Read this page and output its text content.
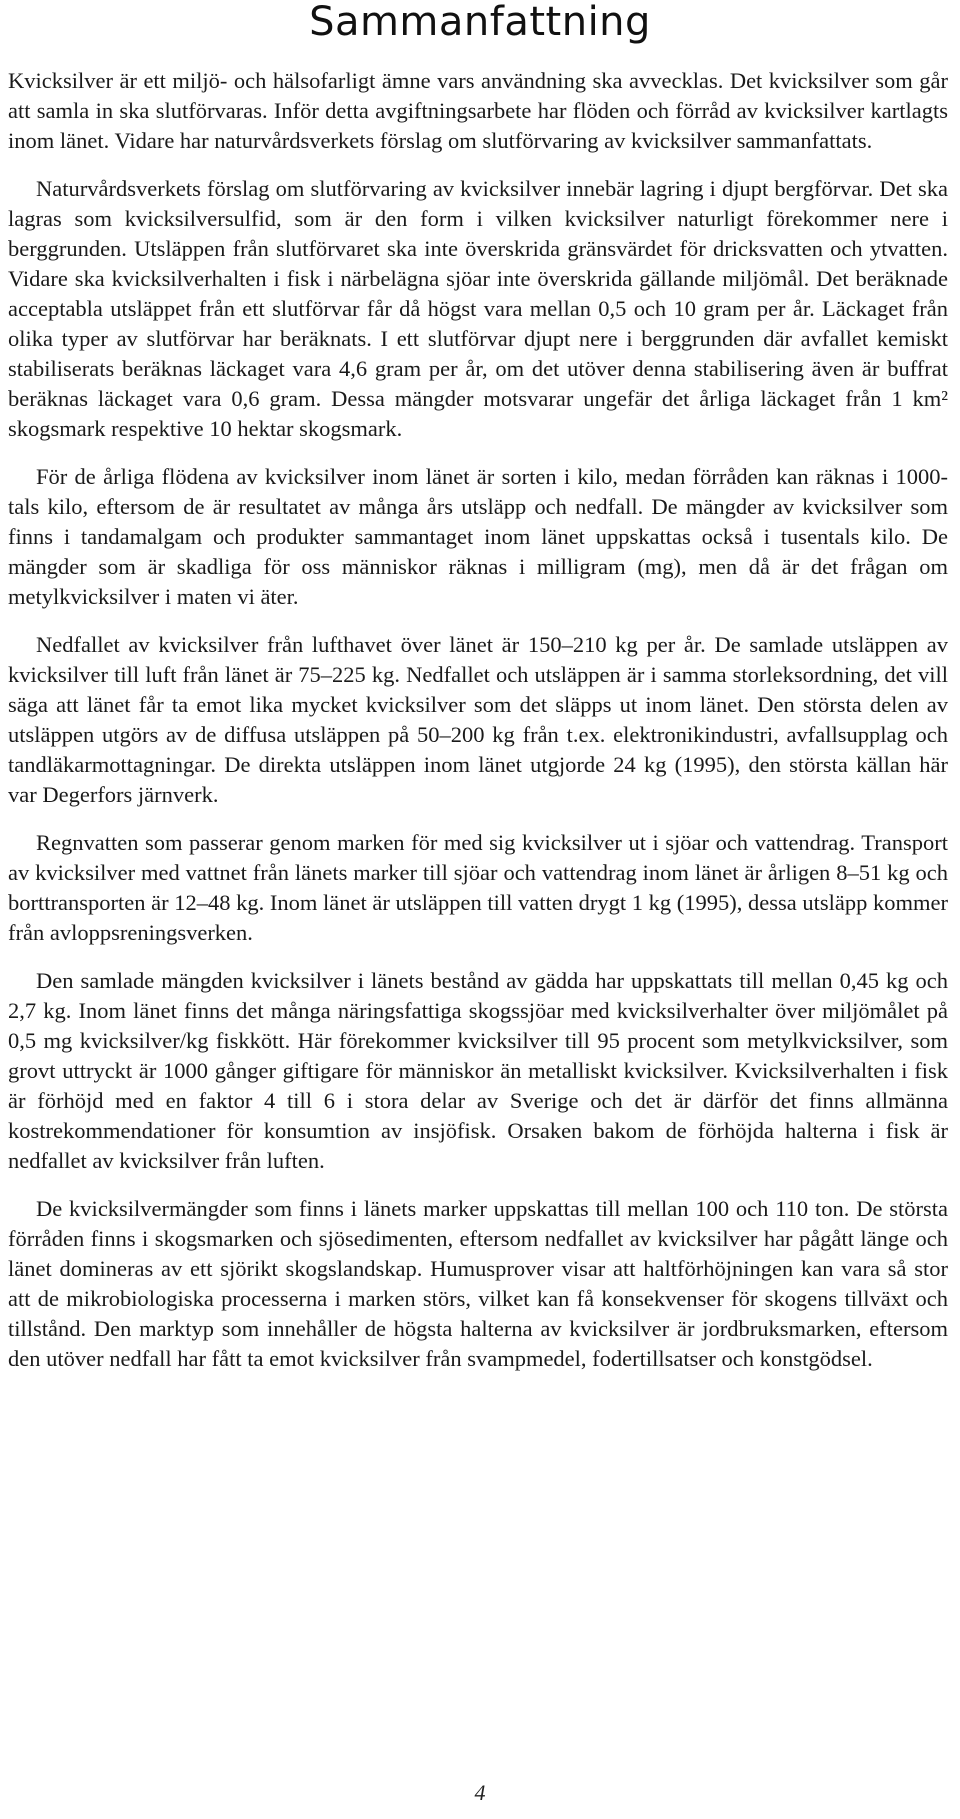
Sammanfattning

Kvicksilver är ett miljö- och hälsofarligt ämne vars användning ska avvecklas. Det kvicksilver som går att samla in ska slutförvaras. Inför detta avgiftningsarbete har flöden och förråd av kvicksilver kartlagts inom länet. Vidare har naturvårdsverkets förslag om slutförvaring av kvicksilver sammanfattats.

Naturvårdsverkets förslag om slutförvaring av kvicksilver innebär lagring i djupt bergförvar. Det ska lagras som kvicksilversulfid, som är den form i vilken kvicksilver naturligt förekommer nere i berggrunden. Utsläppen från slutförvaret ska inte överskrida gränsvärdet för dricksvatten och ytvatten. Vidare ska kvicksilverhalten i fisk i närbelägna sjöar inte överskrida gällande miljömål. Det beräknade acceptabla utsläppet från ett slutförvar får då högst vara mellan 0,5 och 10 gram per år. Läckaget från olika typer av slutförvar har beräknats. I ett slutförvar djupt nere i berggrunden där avfallet kemiskt stabiliserats beräknas läckaget vara 4,6 gram per år, om det utöver denna stabilisering även är buffrat beräknas läckaget vara 0,6 gram. Dessa mängder motsvarar ungefär det årliga läckaget från 1 km² skogsmark respektive 10 hektar skogsmark.

För de årliga flödena av kvicksilver inom länet är sorten i kilo, medan förråden kan räknas i 1000-tals kilo, eftersom de är resultatet av många års utsläpp och nedfall. De mängder av kvicksilver som finns i tandamalgam och produkter sammantaget inom länet uppskattas också i tusentals kilo. De mängder som är skadliga för oss människor räknas i milligram (mg), men då är det frågan om metylkvicksilver i maten vi äter.

Nedfallet av kvicksilver från lufthavet över länet är 150–210 kg per år. De samlade utsläppen av kvicksilver till luft från länet är 75–225 kg. Nedfallet och utsläppen är i samma storleksordning, det vill säga att länet får ta emot lika mycket kvicksilver som det släpps ut inom länet. Den största delen av utsläppen utgörs av de diffusa utsläppen på 50–200 kg från t.ex. elektronikindustri, avfallsupplag och tandläkarmottagningar. De direkta utsläppen inom länet utgjorde 24 kg (1995), den största källan här var Degerfors järnverk.

Regnvatten som passerar genom marken för med sig kvicksilver ut i sjöar och vattendrag. Transport av kvicksilver med vattnet från länets marker till sjöar och vattendrag inom länet är årligen 8–51 kg och borttransporten är 12–48 kg. Inom länet är utsläppen till vatten drygt 1 kg (1995), dessa utsläpp kommer från avloppsreningsverken.

Den samlade mängden kvicksilver i länets bestånd av gädda har uppskattats till mellan 0,45 kg och 2,7 kg. Inom länet finns det många näringsfattiga skogssjöar med kvicksilverhalter över miljömålet på 0,5 mg kvicksilver/kg fiskkött. Här förekommer kvicksilver till 95 procent som metylkvicksilver, som grovt uttryckt är 1000 gånger giftigare för människor än metalliskt kvicksilver. Kvicksilverhalten i fisk är förhöjd med en faktor 4 till 6 i stora delar av Sverige och det är därför det finns allmänna kostrekommendationer för konsumtion av insjöfisk. Orsaken bakom de förhöjda halterna i fisk är nedfallet av kvicksilver från luften.

De kvicksilvermängder som finns i länets marker uppskattas till mellan 100 och 110 ton. De största förråden finns i skogsmarken och sjösedimenten, eftersom nedfallet av kvicksilver har pågått länge och länet domineras av ett sjörikt skogslandskap. Humusprover visar att haltförhöjningen kan vara så stor att de mikrobiologiska processerna i marken störs, vilket kan få konsekvenser för skogens tillväxt och tillstånd. Den marktyp som innehåller de högsta halterna av kvicksilver är jordbruksmarken, eftersom den utöver nedfall har fått ta emot kvicksilver från svampmedel, fodertillsatser och konstgödsel.

4
